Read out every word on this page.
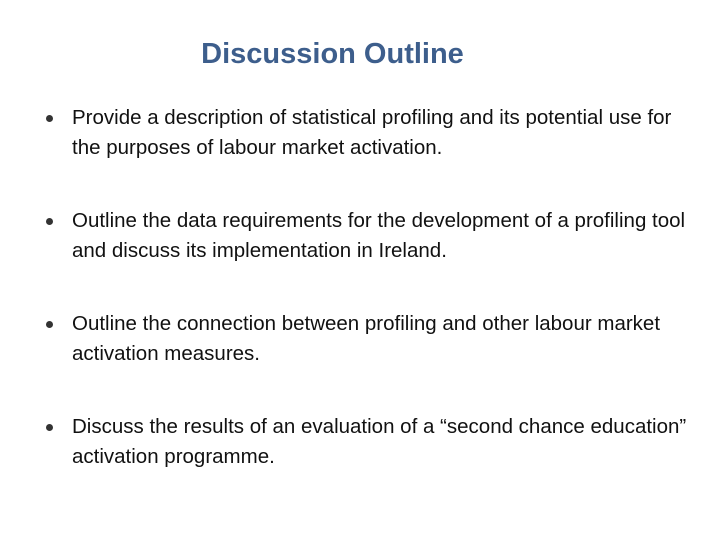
Discussion Outline
Provide a description of statistical profiling and its potential use for the purposes of labour market activation.
Outline the data requirements for the development of a profiling tool and discuss its implementation in Ireland.
Outline the connection between profiling and other labour market activation measures.
Discuss the results of an evaluation of a “second chance education” activation programme.
